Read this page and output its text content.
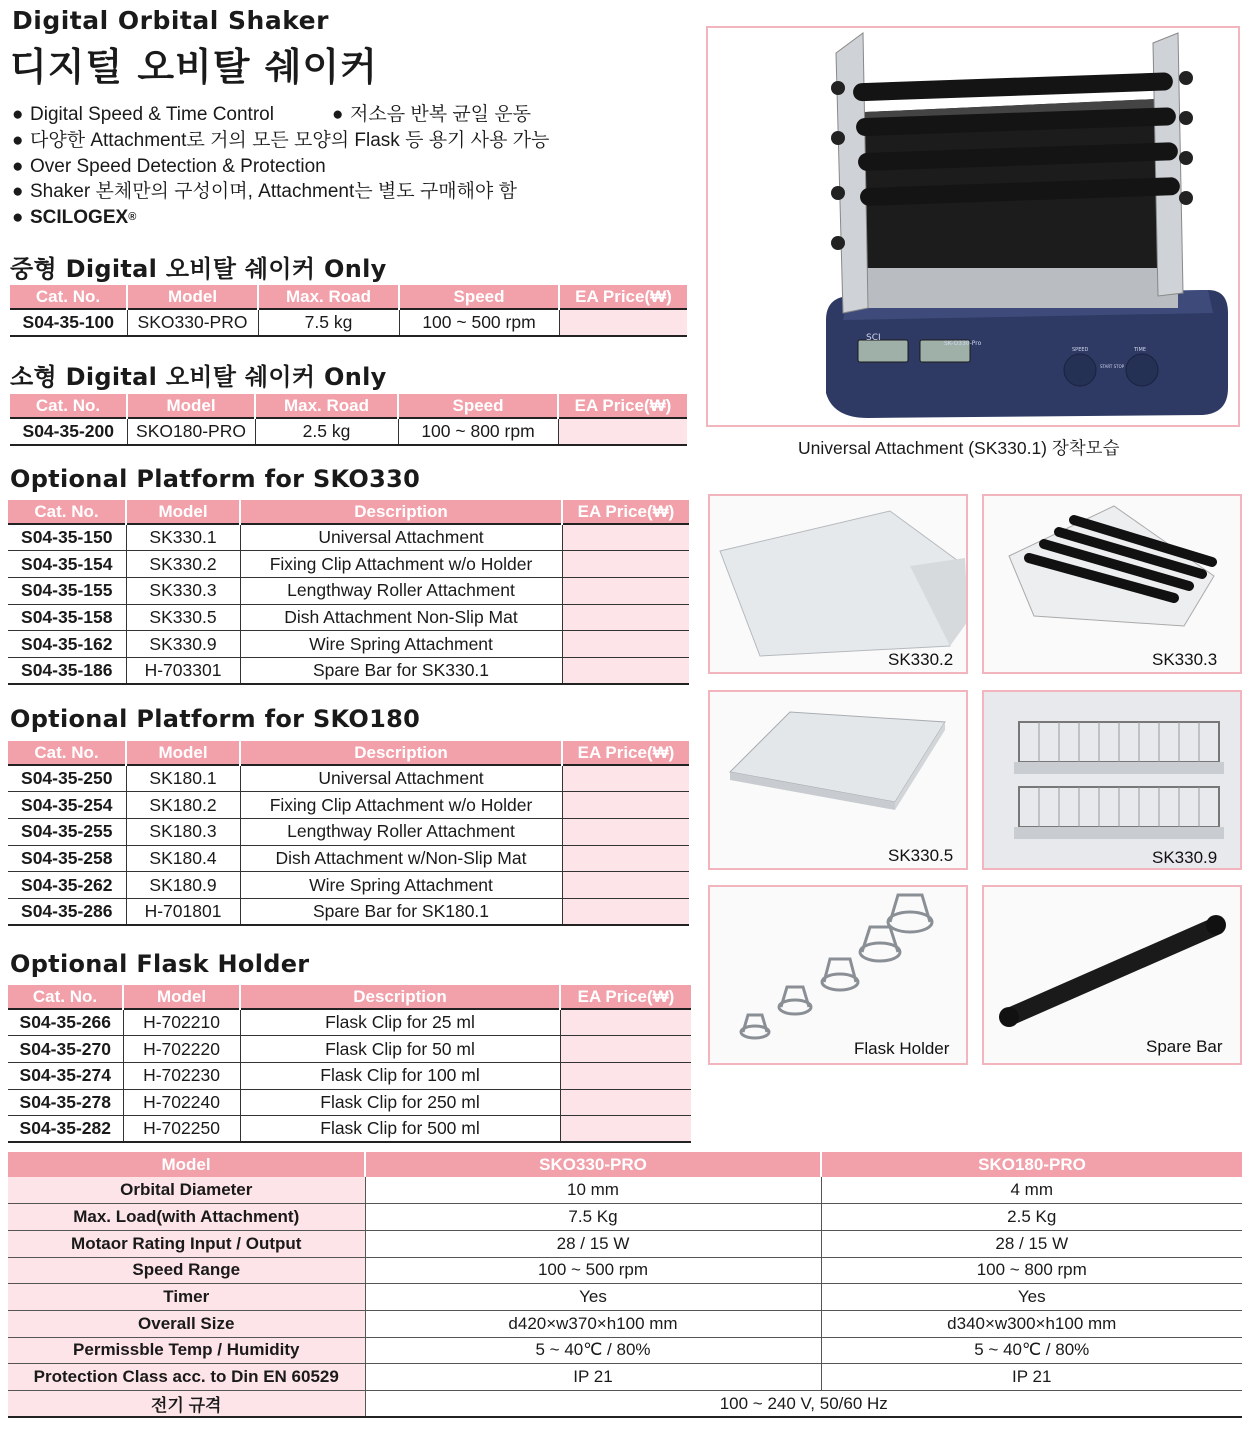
Digital Orbital Shaker
디지털 오비탈 쉐이커
● Digital Speed & Time Control	● 저소음 반복 균일 운동
● 다양한 Attachment로 거의 모든 모양의 Flask 등 용기 사용 가능
● Over Speed Detection & Protection
● Shaker 본체만의 구성이며, Attachment는 별도 구매해야 함
● SCILOGEX ®
중형 Digital 오비탈 쉐이커 Only
Cat. No.	Model	Max. Road	Speed	EA Price(₩)
S04-35-100	SKO330-PRO	7.5 kg	100 ~ 500 rpm	
소형 Digital 오비탈 쉐이커 Only
Cat. No.	Model	Max. Road	Speed	EA Price(₩)
S04-35-200	SKO180-PRO	2.5 kg	100 ~ 800 rpm	
Optional Platform for SKO330
Cat. No.	Model	Description	EA Price(₩)
S04-35-150	SK330.1	Universal Attachment	
S04-35-154	SK330.2	Fixing Clip Attachment w/o Holder	
S04-35-155	SK330.3	Lengthway Roller Attachment	
S04-35-158	SK330.5	Dish Attachment Non-Slip Mat	
S04-35-162	SK330.9	Wire Spring Attachment	
S04-35-186	H-703301	Spare Bar for SK330.1	
Optional Platform for SKO180
Cat. No.	Model	Description	EA Price(₩)
S04-35-250	SK180.1	Universal Attachment	
S04-35-254	SK180.2	Fixing Clip Attachment w/o Holder	
S04-35-255	SK180.3	Lengthway Roller Attachment	
S04-35-258	SK180.4	Dish Attachment w/Non-Slip Mat	
S04-35-262	SK180.9	Wire Spring Attachment	
S04-35-286	H-701801	Spare Bar for SK180.1	
Optional Flask Holder
Cat. No.	Model	Description	EA Price(₩)
S04-35-266	H-702210	Flask Clip for 25 ml	
S04-35-270	H-702220	Flask Clip for 50 ml	
S04-35-274	H-702230	Flask Clip for 100 ml	
S04-35-278	H-702240	Flask Clip for 250 ml	
S04-35-282	H-702250	Flask Clip for 500 ml	
SCI
SK-O330-Pro
SPEED	TIME
START STOP
Universal Attachment (SK330.1) 장착모습
SK330.2	SK330.3
SK330.5	SK330.9
Flask Holder	Spare Bar
Model	SKO330-PRO	SKO180-PRO
Orbital Diameter	10 mm	4 mm
Max. Load(with Attachment)	7.5 Kg	2.5 Kg
Motaor Rating Input / Output	28 / 15 W	28 / 15 W
Speed Range	100 ~ 500 rpm	100 ~ 800 rpm
Timer	Yes	Yes
Overall Size	d420×w370×h100 mm	d340×w300×h100 mm
Permissble Temp / Humidity	5 ~ 40℃ / 80%	5 ~ 40℃ / 80%
Protection Class acc. to Din EN 60529	IP 21	IP 21
전기 규격	100 ~ 240 V, 50/60 Hz	
